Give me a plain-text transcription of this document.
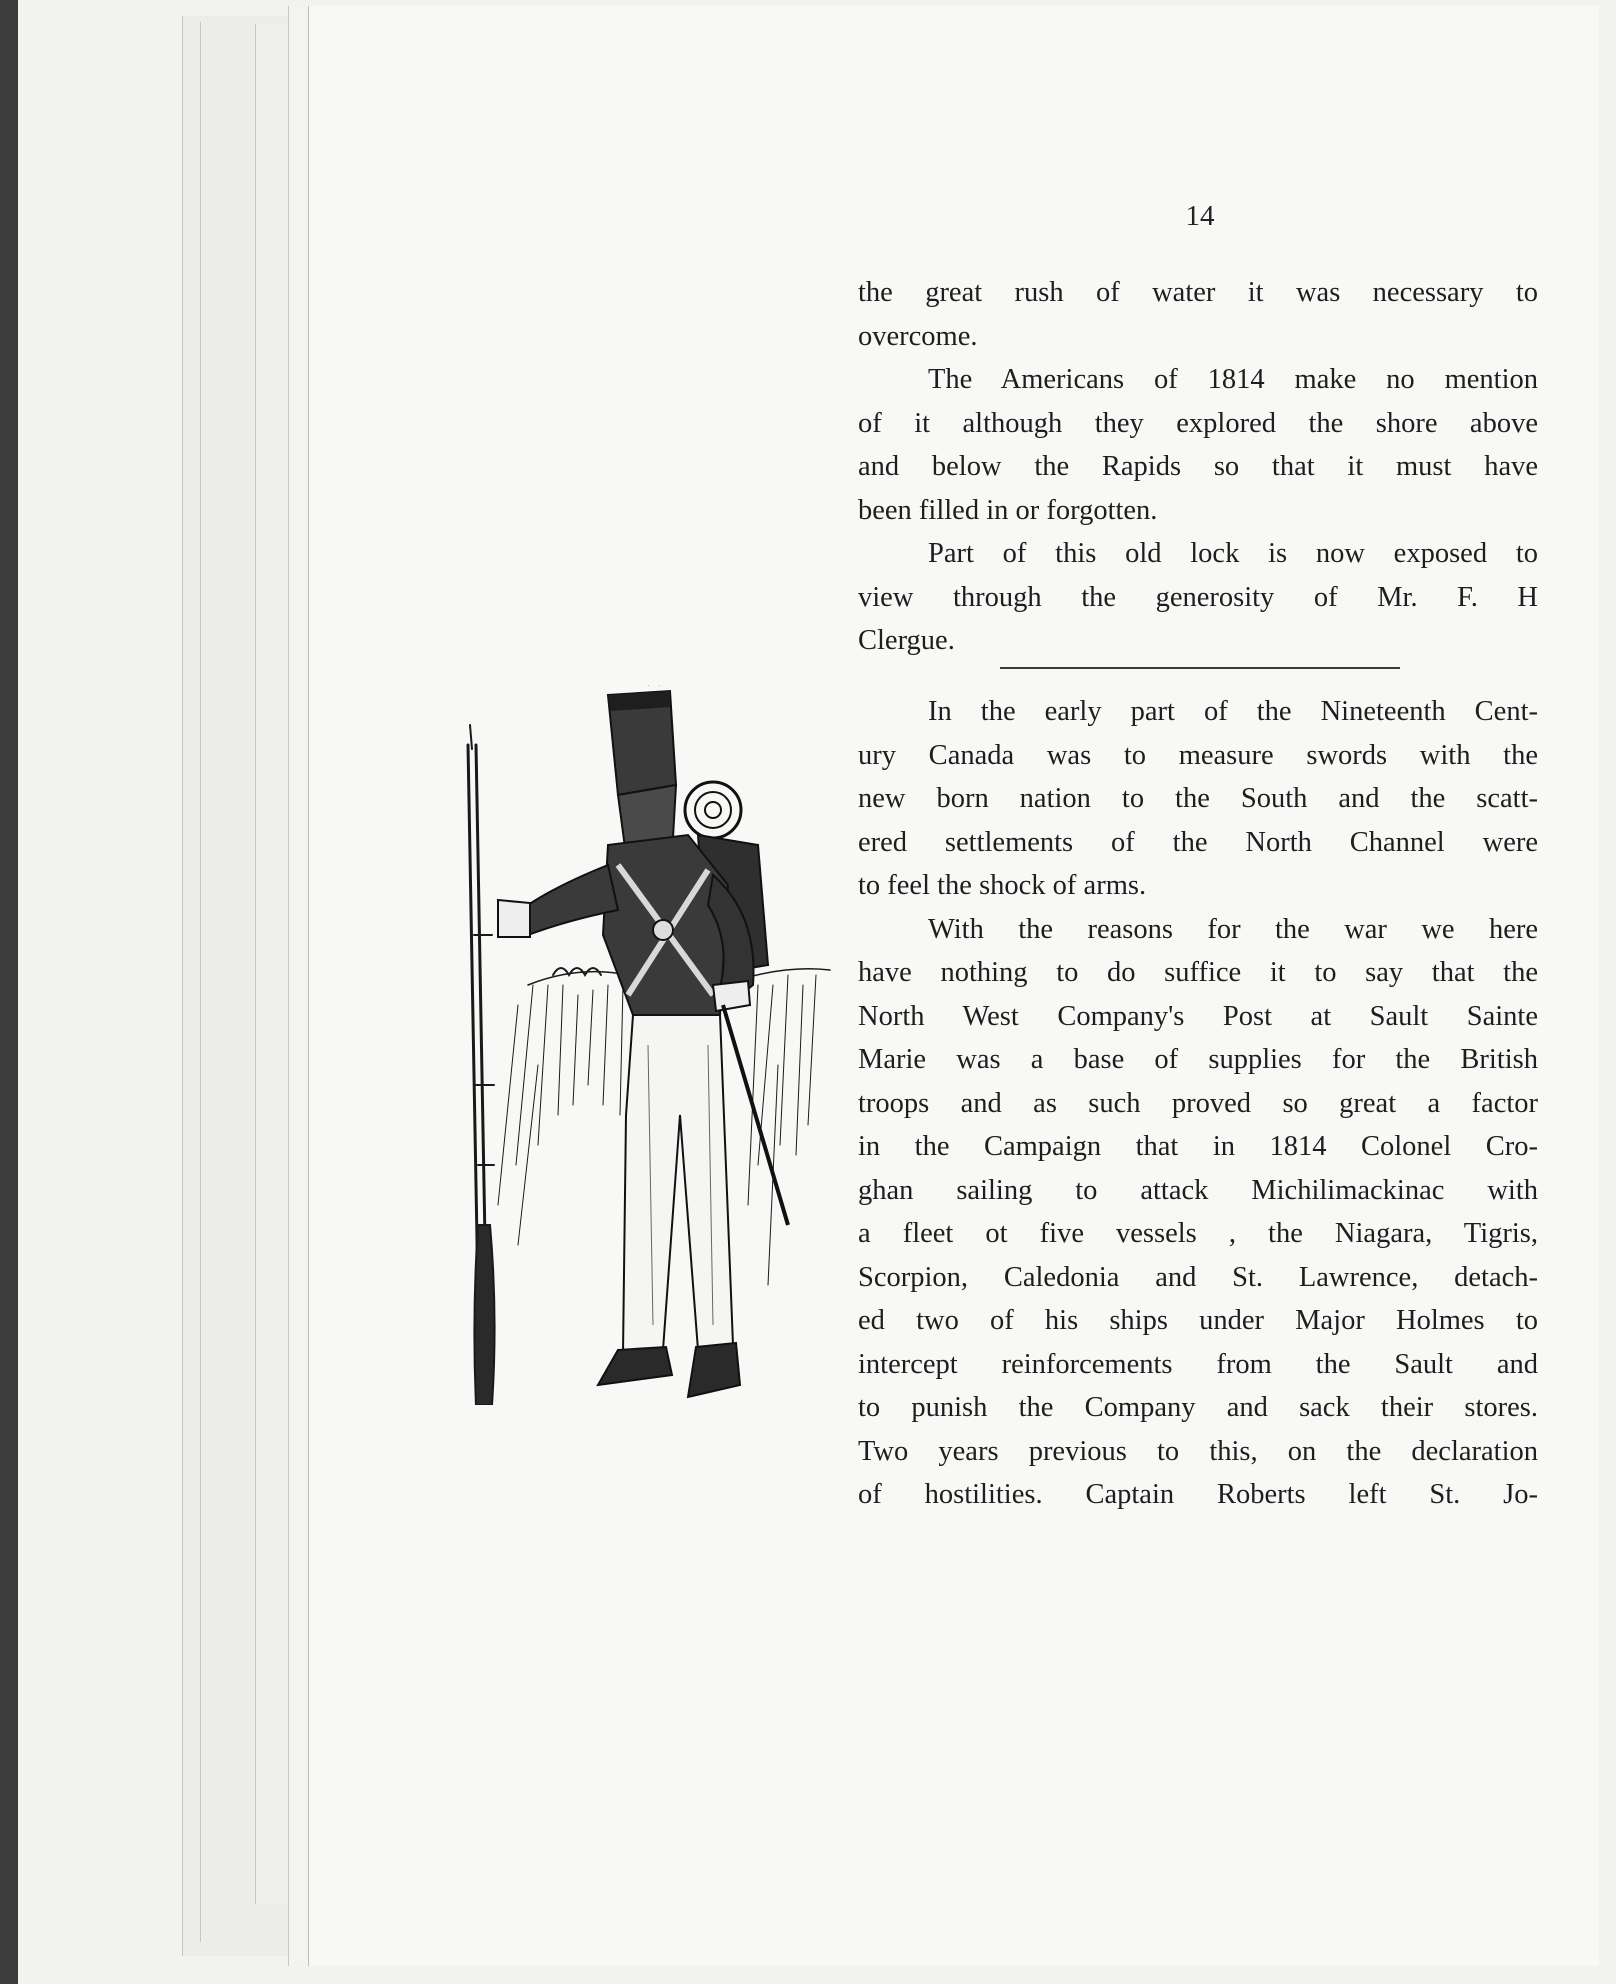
14
the great rush of water it was necessary to
overcome.
The Americans of 1814 make no mention
of it although they explored the shore above
and below the Rapids so that it must have
been filled in or forgotten.
Part of this old lock is now exposed to
view through the generosity of Mr. F. H
Clergue.
In the early part of the Nineteenth Cent-
ury Canada was to measure swords with the
new born nation to the South and the scatt-
ered settlements of the North Channel were
to feel the shock of arms.
With the reasons for the war we here
have nothing to do suffice it to say that the
North West Company's Post at Sault Sainte
Marie was a base of supplies for the British
troops and as such proved so great a factor
in the Campaign that in 1814 Colonel Cro-
ghan sailing to attack Michilimackinac with
a fleet ot five vessels , the Niagara, Tigris,
Scorpion, Caledonia and St. Lawrence, detach-
ed two of his ships under Major Holmes to
intercept reinforcements from the Sault and
to punish the Company and sack their stores.
Two years previous to this, on the declaration
of hostilities. Captain Roberts left St. Jo-
